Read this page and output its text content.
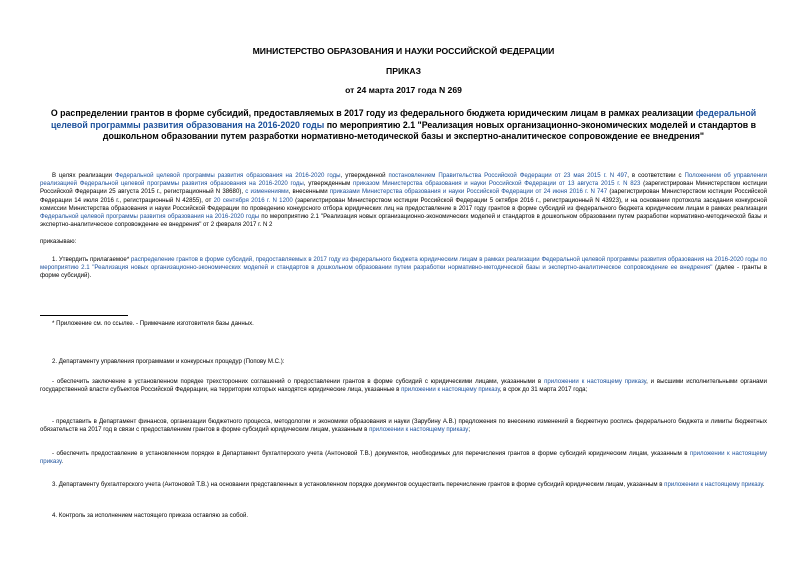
МИНИСТЕРСТВО ОБРАЗОВАНИЯ И НАУКИ РОССИЙСКОЙ ФЕДЕРАЦИИ

ПРИКАЗ

от 24 марта 2017 года N 269

О распределении грантов в форме субсидий, предоставляемых в 2017 году из федерального бюджета юридическим лицам в рамках реализации федеральной целевой программы развития образования на 2016-2020 годы по мероприятию 2.1 "Реализация новых организационно-экономических моделей и стандартов в дошкольном образовании путем разработки нормативно-методической базы и экспертно-аналитическое сопровождение ее внедрения"

В целях реализации Федеральной целевой программы развития образования на 2016-2020 годы, утвержденной постановлением Правительства Российской Федерации от 23 мая 2015 г. N 497, в соответствии с Положением об управлении реализацией Федеральной целевой программы развития образования на 2016-2020 годы, утвержденным приказом Министерства образования и науки Российской Федерации от 13 августа 2015 г. N 823 (зарегистрирован Министерством юстиции Российской Федерации 25 августа 2015 г., регистрационный N 38680), с изменениями, внесенными приказами Министерства образования и науки Российской Федерации от 24 июня 2016 г. N 747 (зарегистрирован Министерством юстиции Российской Федерации 14 июля 2016 г., регистрационный N 42855), от 20 сентября 2016 г. N 1200 (зарегистрирован Министерством юстиции Российской Федерации 5 октября 2016 г., регистрационный N 43923), и на основании протокола заседания конкурсной комиссии Министерства образования и науки Российской Федерации по проведению конкурсного отбора юридических лиц на предоставление в 2017 году грантов в форме субсидий из федерального бюджета юридическим лицам в рамках реализации Федеральной целевой программы развития образования на 2016-2020 годы по мероприятию 2.1 "Реализация новых организационно-экономических моделей и стандартов в дошкольном образовании путем разработки нормативно-методической базы и экспертно-аналитическое сопровождение ее внедрения" от 2 февраля 2017 г. N 2

приказываю:

1. Утвердить прилагаемое* распределение грантов в форме субсидий, предоставляемых в 2017 году из федерального бюджета юридическим лицам в рамках реализации Федеральной целевой программы развития образования на 2016-2020 годы по мероприятию 2.1 "Реализация новых организационно-экономических моделей и стандартов в дошкольном образовании путем разработки нормативно-методической базы и экспертно-аналитическое сопровождение ее внедрения" (далее - гранты в форме субсидий).

* Приложение см. по ссылке. - Примечание изготовителя базы данных.

2. Департаменту управления программами и конкурсных процедур (Попову М.С.):

- обеспечить заключение в установленном порядке трехсторонних соглашений о предоставлении грантов в форме субсидий с юридическими лицами, указанными в приложении к настоящему приказу, и высшими исполнительными органами государственной власти субъектов Российской Федерации, на территории которых находятся юридические лица, указанные в приложении к настоящему приказу, в срок до 31 марта 2017 года;

- представить в Департамент финансов, организации бюджетного процесса, методологии и экономики образования и науки (Зарубину А.В.) предложения по внесению изменений в бюджетную роспись федерального бюджета и лимиты бюджетных обязательств на 2017 год в связи с предоставлением грантов в форме субсидий юридическим лицам, указанным в приложении к настоящему приказу;

- обеспечить предоставление в установленном порядке в Департамент бухгалтерского учета (Антоновой Т.В.) документов, необходимых для перечисления грантов в форме субсидий юридическим лицам, указанным в приложении к настоящему приказу.

3. Департаменту бухгалтерского учета (Антоновой Т.В.) на основании представленных в установленном порядке документов осуществить перечисление грантов в форме субсидий юридическим лицам, указанным в приложении к настоящему приказу.

4. Контроль за исполнением настоящего приказа оставляю за собой.
